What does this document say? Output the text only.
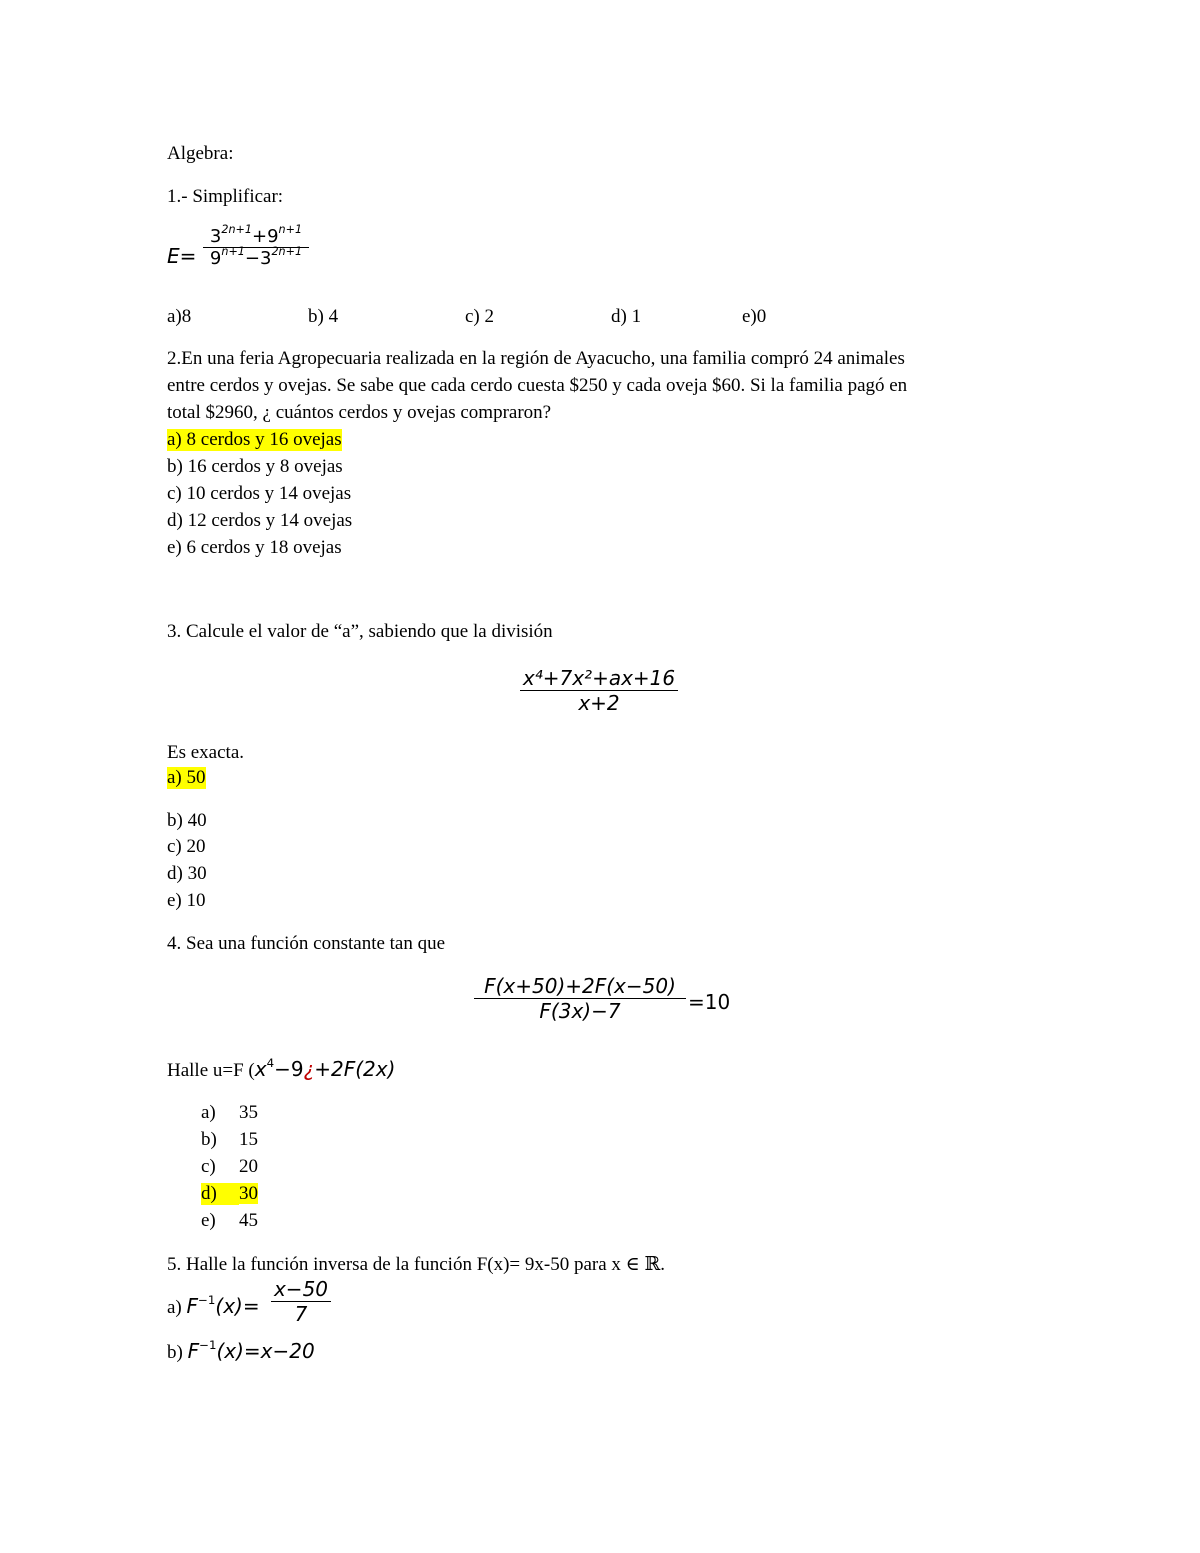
Algebra:
1.- Simplificar:
E=
$3^{2n+1}+9^{n+1}$
$9^{n+1}-3^{2n+1}$
a)8	b) 4	c) 2	d) 1	e)0
2.En una feria Agropecuaria realizada en la región de Ayacucho, una familia compró 24 animales
entre cerdos y ovejas. Se sabe que cada cerdo cuesta $250 y cada oveja $60. Si la familia pagó en
total $2960, ¿ cuántos cerdos y ovejas compraron?
a) 8 cerdos y 16 ovejas
b) 16 cerdos y 8 ovejas
c) 10 cerdos y 14 ovejas
d) 12 cerdos y 14 ovejas
e) 6 cerdos y 18 ovejas
3. Calcule el valor de “a”, sabiendo que la división
x⁴+7x²+ax+16
x+2
Es exacta.
a) 50
b) 40
c) 20
d) 30
e) 10
4. Sea una función constante tan que
F(x+50)+2F(x−50)
F(3x)−7	=10
Halle u=F ($x^4-9¿+2F(2x)$
a) 35
b) 15
c) 20
d) 30
e) 45
5. Halle la función inversa de la función F(x)= 9x-50 para x ∈ ℝ.
a) $F^{-1}(x)=$
x−50
7
b) $F^{-1}(x)=x-20$
